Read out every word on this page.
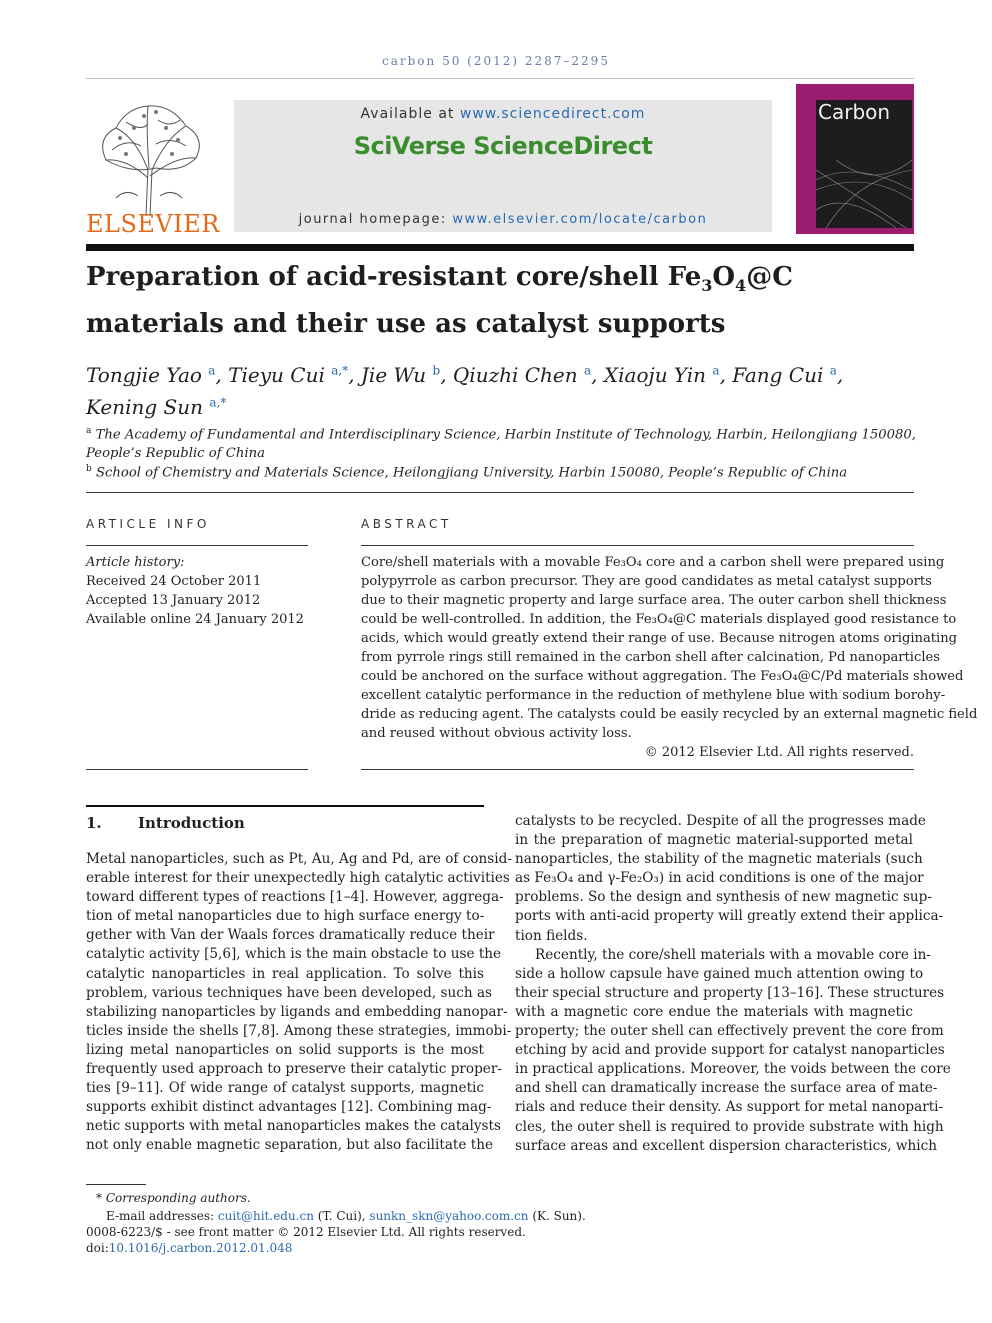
carbon 50 (2012) 2287–2295
ELSEVIER
Available at www.sciencedirect.com
SciVerse ScienceDirect
journal homepage: www.elsevier.com/locate/carbon
Carbon
Preparation of acid-resistant core/shell $Fe_3O_4@C$ materials and their use as catalyst supports
Tongjie Yao $^a$, Tieyu Cui $^{a,*}$, Jie Wu $^b$, Qiuzhi Chen $^a$, Xiaoju Yin $^a$, Fang Cui $^a$,
Kening Sun $^{a,*}$
$^a$ The Academy of Fundamental and Interdisciplinary Science, Harbin Institute of Technology, Harbin, Heilongjiang 150080,
People’s Republic of China
$^b$ School of Chemistry and Materials Science, Heilongjiang University, Harbin 150080, People’s Republic of China
ARTICLE INFO
Article history:
Received 24 October 2011
Accepted 13 January 2012
Available online 24 January 2012
ABSTRACT
Core/shell materials with a movable Fe₃O₄ core and a carbon shell were prepared using
polypyrrole as carbon precursor. They are good candidates as metal catalyst supports
due to their magnetic property and large surface area. The outer carbon shell thickness
could be well-controlled. In addition, the Fe₃O₄@C materials displayed good resistance to
acids, which would greatly extend their range of use. Because nitrogen atoms originating
from pyrrole rings still remained in the carbon shell after calcination, Pd nanoparticles
could be anchored on the surface without aggregation. The Fe₃O₄@C/Pd materials showed
excellent catalytic performance in the reduction of methylene blue with sodium borohy-
dride as reducing agent. The catalysts could be easily recycled by an external magnetic field
and reused without obvious activity loss.
© 2012 Elsevier Ltd. All rights reserved.
1. Introduction
Metal nanoparticles, such as Pt, Au, Ag and Pd, are of consid-
erable interest for their unexpectedly high catalytic activities
toward different types of reactions [1–4]. However, aggrega-
tion of metal nanoparticles due to high surface energy to-
gether with Van der Waals forces dramatically reduce their
catalytic activity [5,6], which is the main obstacle to use the
catalytic nanoparticles in real application. To solve this
problem, various techniques have been developed, such as
stabilizing nanoparticles by ligands and embedding nanopar-
ticles inside the shells [7,8]. Among these strategies, immobi-
lizing metal nanoparticles on solid supports is the most
frequently used approach to preserve their catalytic proper-
ties [9–11]. Of wide range of catalyst supports, magnetic
supports exhibit distinct advantages [12]. Combining mag-
netic supports with metal nanoparticles makes the catalysts
not only enable magnetic separation, but also facilitate the
catalysts to be recycled. Despite of all the progresses made
in the preparation of magnetic material-supported metal
nanoparticles, the stability of the magnetic materials (such
as Fe₃O₄ and γ-Fe₂O₃) in acid conditions is one of the major
problems. So the design and synthesis of new magnetic sup-
ports with anti-acid property will greatly extend their applica-
tion fields.
Recently, the core/shell materials with a movable core in-
side a hollow capsule have gained much attention owing to
their special structure and property [13–16]. These structures
with a magnetic core endue the materials with magnetic
property; the outer shell can effectively prevent the core from
etching by acid and provide support for catalyst nanoparticles
in practical applications. Moreover, the voids between the core
and shell can dramatically increase the surface area of mate-
rials and reduce their density. As support for metal nanoparti-
cles, the outer shell is required to provide substrate with high
surface areas and excellent dispersion characteristics, which
* Corresponding authors.
E-mail addresses: cuit@hit.edu.cn (T. Cui), sunkn_skn@yahoo.com.cn (K. Sun).
0008-6223/$ - see front matter © 2012 Elsevier Ltd. All rights reserved.
doi:10.1016/j.carbon.2012.01.048
